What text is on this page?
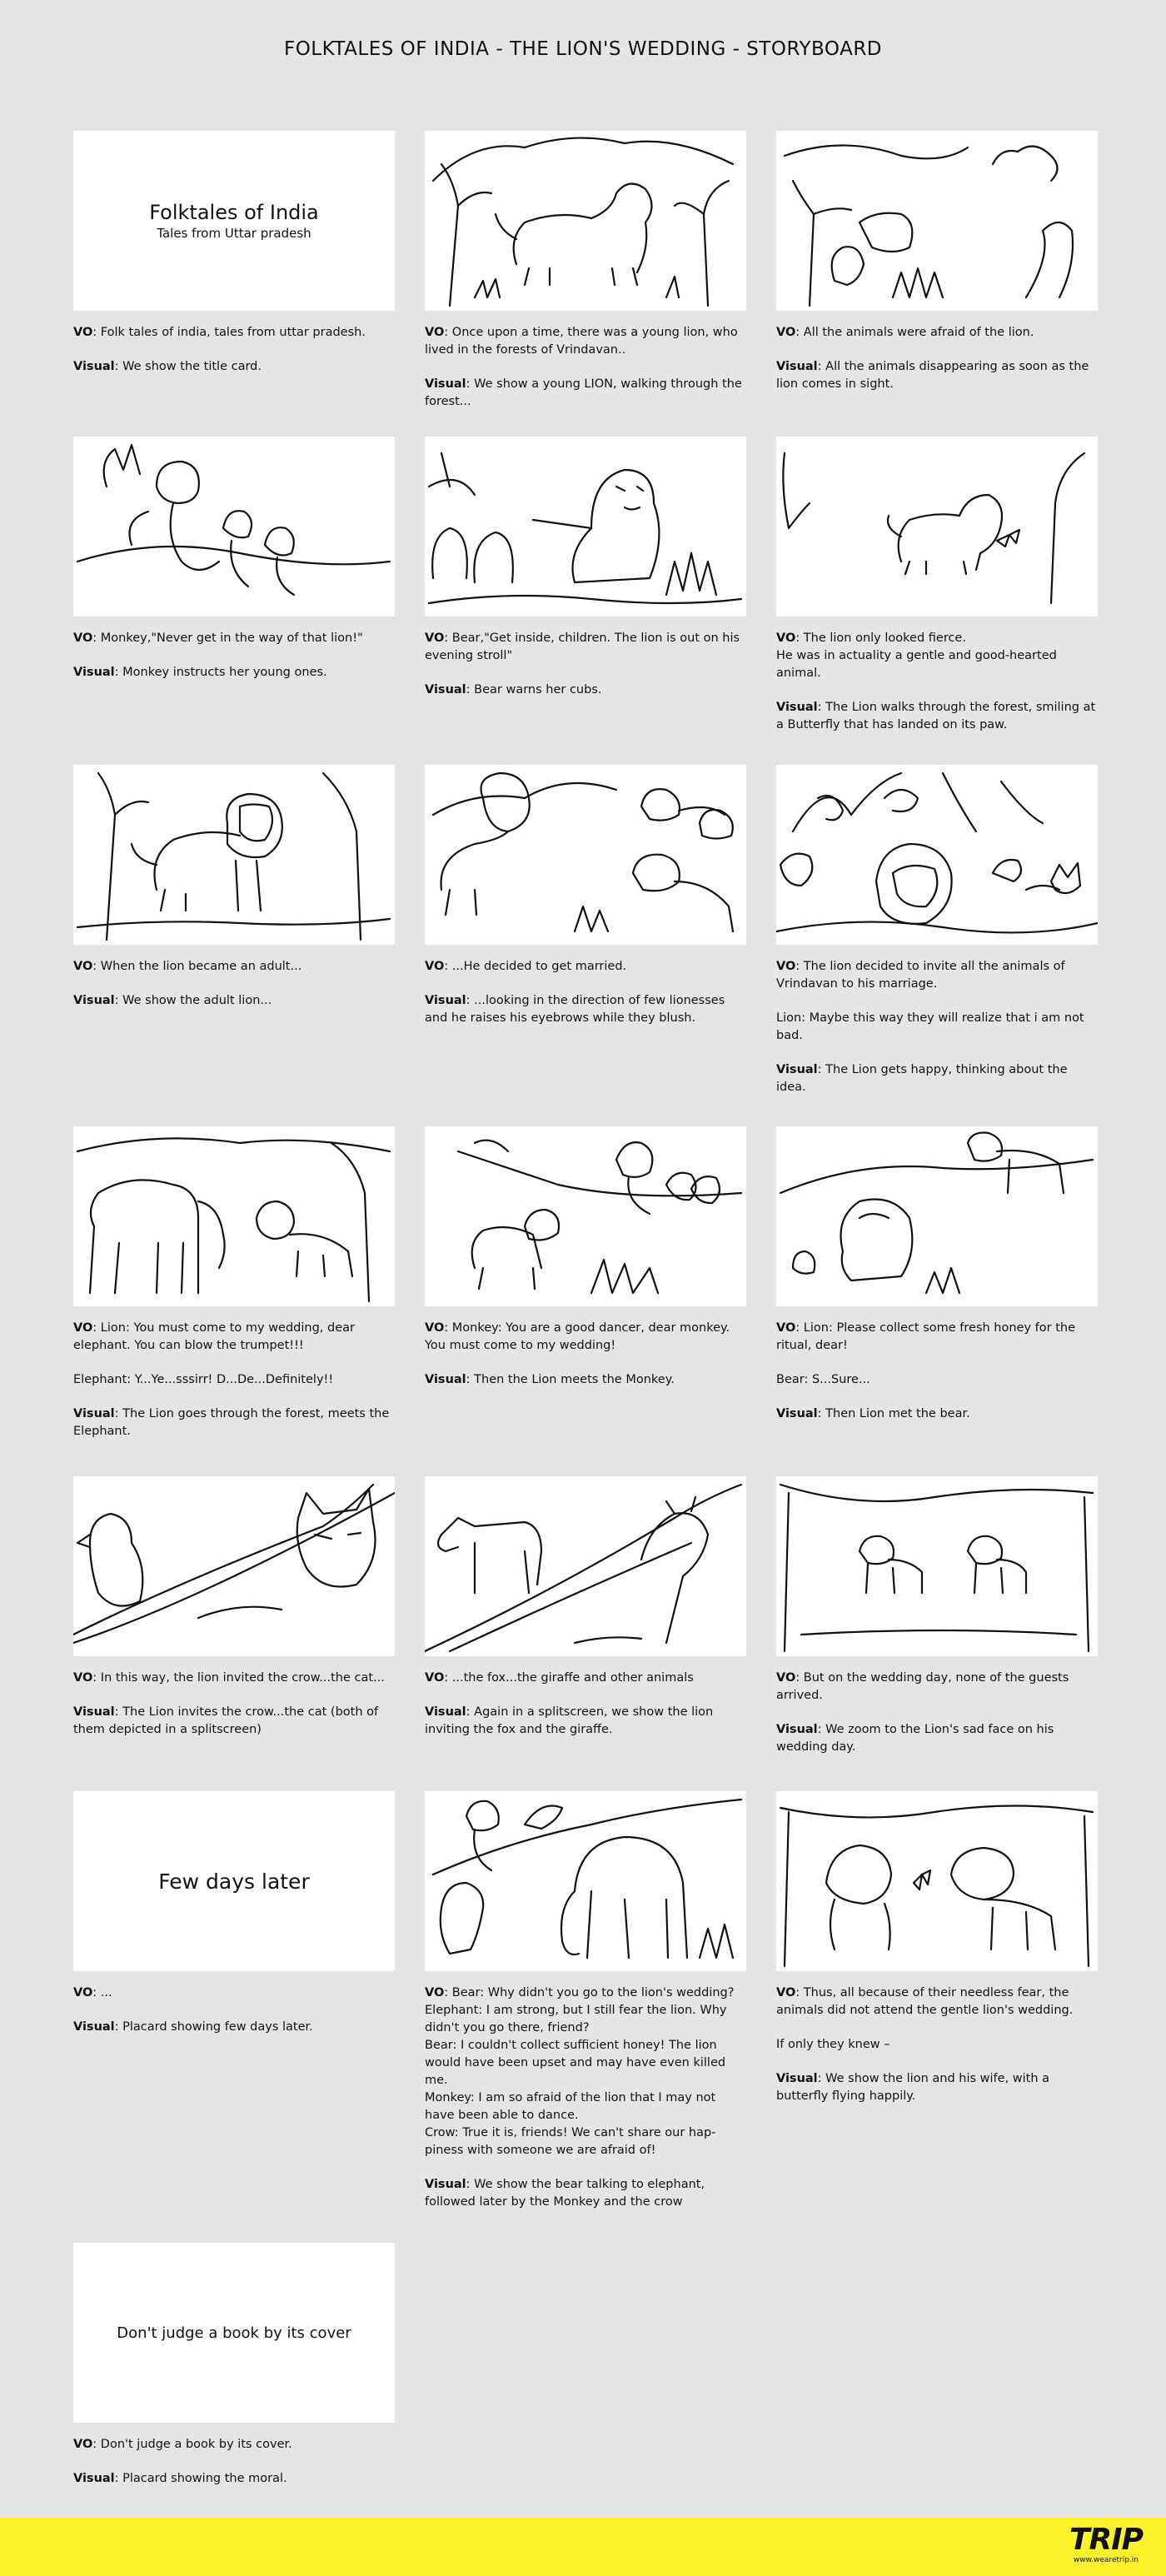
FOLKTALES OF INDIA - THE LION'S WEDDING - STORYBOARD
Folktales of India
Tales from Uttar pradesh

VO: Folk tales of india, tales from uttar pradesh.

Visual: We show the title card.

VO: Once upon a time, there was a young lion, who lived in the forests of Vrindavan..

Visual: We show a young LION, walking through the forest...

VO: All the animals were afraid of the lion.

Visual: All the animals disappearing as soon as the lion comes in sight.

VO: Monkey,"Never get in the way of that lion!"

Visual: Monkey instructs her young ones.

VO: Bear,"Get inside, children. The lion is out on his evening stroll"

Visual: Bear warns her cubs.

VO: The lion only looked fierce.

He was in actuality a gentle and good-hearted animal.

Visual: The Lion walks through the forest, smiling at a Butterfly that has landed on its paw.

VO: When the lion became an adult...

Visual: We show the adult lion...

VO: ...He decided to get married.

Visual: ...looking in the direction of few lionesses and he raises his eyebrows while they blush.

VO: The lion decided to invite all the animals of Vrindavan to his marriage.

Lion: Maybe this way they will realize that i am not bad.

Visual: The Lion gets happy, thinking about the idea.

VO: Lion: You must come to my wedding, dear elephant. You can blow the trumpet!!!

Elephant: Y...Ye...sssirr! D...De...Definitely!!

Visual: The Lion goes through the forest, meets the Elephant.

VO: Monkey: You are a good dancer, dear monkey. You must come to my wedding!

Visual: Then the Lion meets the Monkey.

VO: Lion: Please collect some fresh honey for the ritual, dear!

Bear: S...Sure...

Visual: Then Lion met the bear.

VO: In this way, the lion invited the crow...the cat...

Visual: The Lion invites the crow...the cat (both of them depicted in a splitscreen)

VO: ...the fox...the giraffe and other animals

Visual: Again in a splitscreen, we show the lion inviting the fox and the giraffe.

VO: But on the wedding day, none of the guests arrived.

Visual: We zoom to the Lion's sad face on his wedding day.

Few days later

VO: ...

Visual: Placard showing few days later.

VO: Bear: Why didn't you go to the lion's wedding?

Elephant: I am strong, but I still fear the lion. Why didn't you go there, friend?

Bear: I couldn't collect sufficient honey! The lion would have been upset and may have even killed me.

Monkey: I am so afraid of the lion that I may not have been able to dance.

Crow: True it is, friends! We can't share our hap-piness with someone we are afraid of!

Visual: We show the bear talking to elephant, followed later by the Monkey and the crow

VO: Thus, all because of their needless fear, the animals did not attend the gentle lion's wedding.

If only they knew –

Visual: We show the lion and his wife, with a butterfly flying happily.

Don't judge a book by its cover

VO: Don't judge a book by its cover.

Visual: Placard showing the moral.

TRIP
www.wearetrip.in
